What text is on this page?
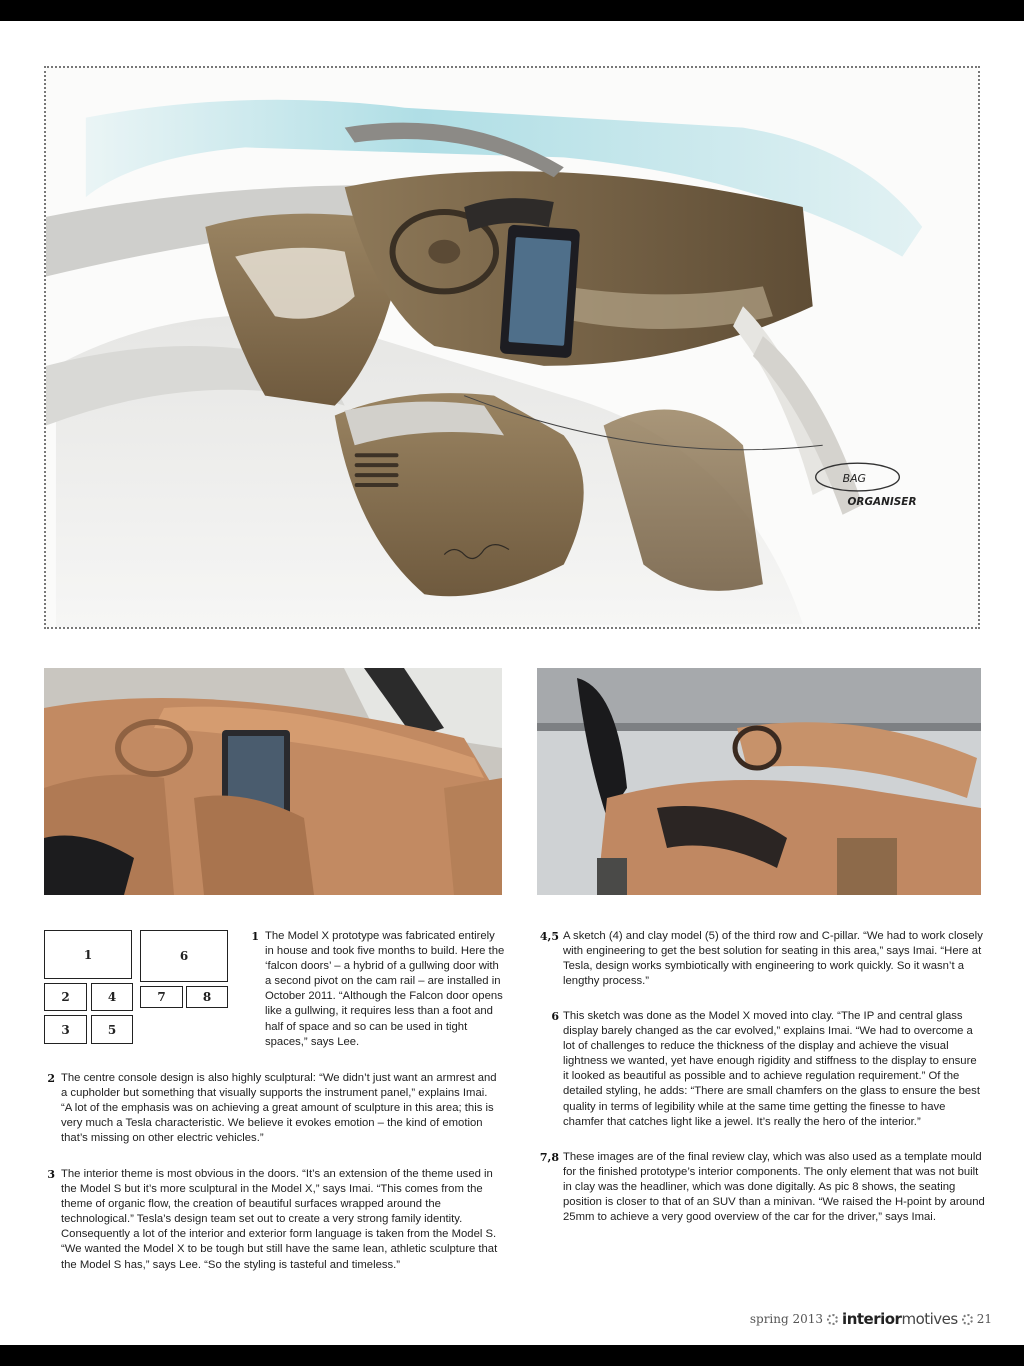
BAG
ORGANISER
1	6
2	4	7	8
3	5
1 The Model X prototype was fabricated entirely in house and took five months to build. Here the ‘falcon doors’ – a hybrid of a gullwing door with a second pivot on the cam rail – are installed in October 2011. “Although the Falcon door opens like a gullwing, it requires less than a foot and half of space and so can be used in tight spaces,” says Lee.
2 The centre console design is also highly sculptural: “We didn’t just want an armrest and a cupholder but something that visually supports the instrument panel,” explains Imai. “A lot of the emphasis was on achieving a great amount of sculpture in this area; this is very much a Tesla characteristic. We believe it evokes emotion – the kind of emotion that’s missing on other electric vehicles.”
3 The interior theme is most obvious in the doors. “It’s an extension of the theme used in the Model S but it’s more sculptural in the Model X,” says Imai. “This comes from the theme of organic flow, the creation of beautiful surfaces wrapped around the technological.” Tesla’s design team set out to create a very strong family identity. Consequently a lot of the interior and exterior form language is taken from the Model S. “We wanted the Model X to be tough but still have the same lean, athletic sculpture that the Model S has,” says Lee. “So the styling is tasteful and timeless.”
4,5 A sketch (4) and clay model (5) of the third row and C-pillar. “We had to work closely with engineering to get the best solution for seating in this area,” says Imai. “Here at Tesla, design works symbiotically with engineering to work quickly. So it wasn’t a lengthy process.”
6 This sketch was done as the Model X moved into clay. “The IP and central glass display barely changed as the car evolved,” explains Imai. “We had to overcome a lot of challenges to reduce the thickness of the display and achieve the visual lightness we wanted, yet have enough rigidity and stiffness to the display to ensure it looked as beautiful as possible and to achieve regulation requirement.” Of the detailed styling, he adds: “There are small chamfers on the glass to ensure the best quality in terms of legibility while at the same time getting the finesse to have chamfer that catches light like a jewel. It’s really the hero of the interior.”
7,8 These images are of the final review clay, which was also used as a template mould for the finished prototype’s interior components. The only element that was not built in clay was the headliner, which was done digitally. As pic 8 shows, the seating position is closer to that of an SUV than a minivan. “We raised the H-point by around 25mm to achieve a very good overview of the car for the driver,” says Imai.
spring 2013 interior motives 21
